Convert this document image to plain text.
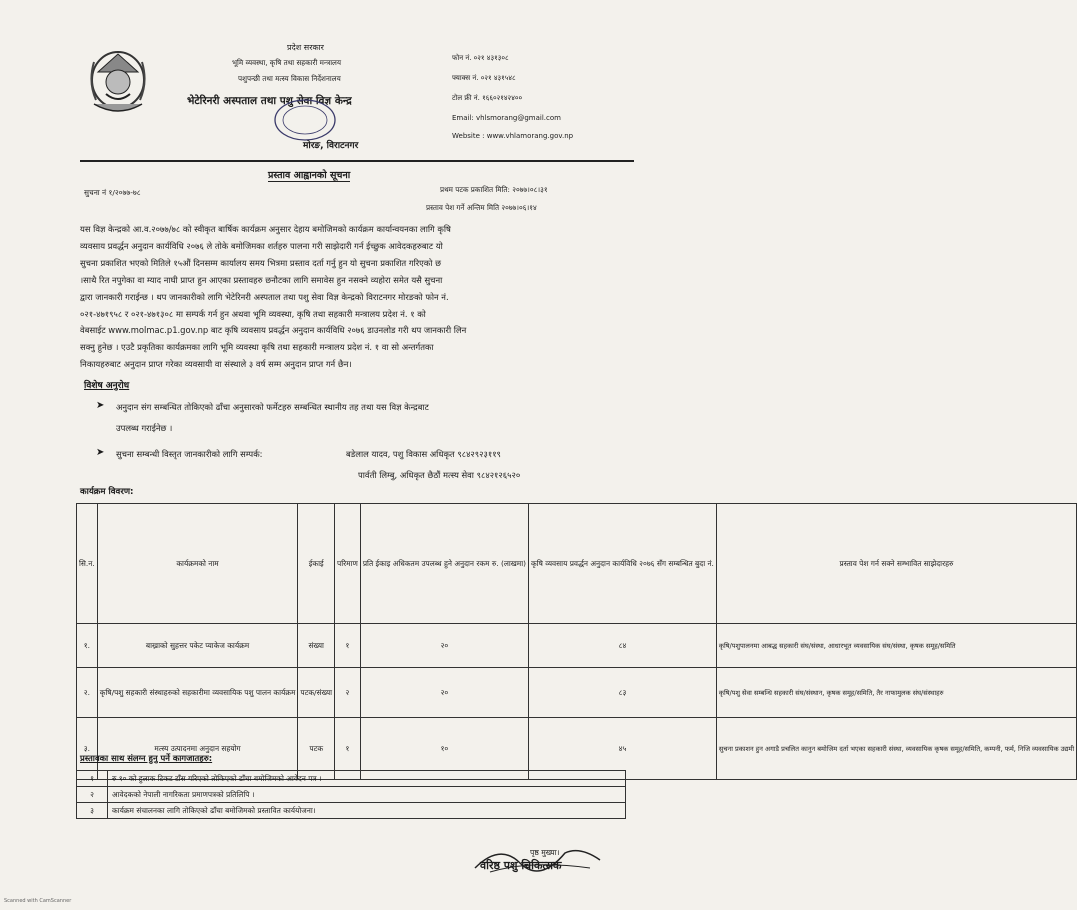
प्रदेश सरकार
भूमि व्यवस्था, कृषि तथा सहकारी मन्त्रालय
पशुपन्छी तथा मत्स्य विकास निर्देशनालय
भेटेरिनरी अस्पताल तथा पशु सेवा विज्ञ केन्द्र
मोरङ, विराटनगर
फोन नं. ०२१ ४३१३०८
फ्याक्स नं. ०२१ ४३१५४८
टोल फ्री नं. १६६०२१४२४००
Email: vhlsmorang@gmail.com
Website : www.vhlamorang.gov.np
प्रस्ताव आह्वानको सूचना
सुचना नं १/२०७७-७८	प्रथम पटक प्रकाशित मिति: २०७७।०८।३१
प्रस्ताव पेश गर्ने अन्तिम मिति २०७७।०६।१४
यस विज्ञ केन्द्रको आ.व.२०७७/७८ को स्वीकृत बार्षिक कार्यक्रम अनुसार देहाय बमोजिमको कार्यक्रम कार्यान्वयनका लागि कृषि
व्यवसाय प्रवर्द्धन अनुदान कार्यविधि २०७६ ले तोके बमोजिमका शर्तहरु पालना गरी साझेदारी गर्न ईच्छुक आवेदकहरुबाट यो
सुचना प्रकाशित भएको मितिले १५औं दिनसम्म कार्यालय समय भित्रमा प्रस्ताव दर्ता गर्नु हुन यो सुचना प्रकाशित गरिएको छ
।साथै रित नपुगेका वा म्याद नाघी प्राप्त हुन आएका प्रस्तावहरु छनौटका लागि समावेस हुन नसक्ने व्यहोरा समेत यसै सुचना
द्वारा जानकारी गराईन्छ । थप जानकारीको लागि भेटेरिनरी अस्पताल तथा पशु सेवा विज्ञ केन्द्रको विराटनगर मोरङको फोन नं.
०२१-४७१९५८ र ०२१-४७१३०८ मा सम्पर्क गर्न हुन अथवा भूमि व्यवस्था, कृषि तथा सहकारी मन्त्रालय प्रदेश नं. १ को
वेबसाईट www.molmac.p1.gov.np बाट कृषि व्यवसाय प्रवर्द्धन अनुदान कार्यविधि २०७६ डाउनलोड गरी थप जानकारी लिन
सक्नु हुनेछ । एउटै प्रकृतिका कार्यक्रमका लागि भूमि व्यवस्था कृषि तथा सहकारी मन्त्रालय प्रदेश नं. १ वा सो अन्तर्गतका
निकायहरुबाट अनुदान प्राप्त गरेका व्यवसायी वा संस्थाले ३ वर्ष सम्म अनुदान प्राप्त गर्न छैन।
विशेष अनुरोध
➤ अनुदान संग सम्बन्धित तोकिएको ढाँचा अनुसारको फर्मेटहरु सम्बन्धित स्थानीय तह तथा यस विज्ञ केन्द्रबाट
उपलब्ध गराईनेछ ।
➤ सुचना सम्बन्धी विस्तृत जानकारीको लागि सम्पर्क:	बडेलाल यादव, पशु विकास अधिकृत ९८४२९२३११९
पार्वती लिम्बु, अधिकृत छैठौं मत्स्य सेवा ९८४२१२६५२०
कार्यक्रम विवरण:
सि.न.	कार्यक्रमको नाम	ईकाई	परिमाण	प्रति ईकाइ अधिकतम उपलब्ध हुने अनुदान रकम रु. (लाखमा)	कृषि व्यवसाय प्रवर्द्धन अनुदान कार्यविधि २०७६ सँग सम्बन्धित बुदा नं.	प्रस्ताव पेश गर्न सक्ने सम्भावित साझेदारहरु
१.	बाख्राको सुहत्तर पकेट प्याकेज कार्यक्रम	संख्या	१	२०	८४	कृषि/पशुपालनमा आबद्ध सहकारी संघ/संस्था, आधारभूत व्यवसायिक संघ/संस्था, कृषक समूह/समिति
२.	कृषि/पशु सहकारी संस्थाहरुको सहकारीमा व्यवसायिक पशु पालन कार्यक्रम	पटक/संख्या	२	२०	८३	कृषि/पशु सेवा सम्बन्धि सहकारी संघ/संस्थान, कृषक समूह/समिति, तैर नाफामुलक संघ/संस्थाहरु
३.	मत्स्य उत्पादनमा अनुदान सहयोग	पटक	१	१०	४५	सुचना प्रकाशन हुन अगाडै प्रचलित कानुन बमोजिम दर्ता भएका सहकारी संस्था, व्यवसायिक कृषक समूह/समिति, कम्पनी, फर्म, निजि व्यवसायिक उद्यमी
प्रस्तावका साथ संलग्न हुनु पर्ने कागजातहरु:
१	रु १० को हुलाक टिकट टाँस गरिएको तोकिएको ढाँचा बमोजिमको आवेदन पत्र ।
२	आवेदकको नेपाली नागरिकता प्रमाणपत्रको प्रतिलिपि ।
३	कार्यक्रम संचालनका लागि तोकिएको ढाँचा बमोजिमको प्रस्तावित कार्ययोजना।
पृष्ठ मुख्या।
वरिष्ठ पशु चिकित्सक
Scanned with CamScanner
